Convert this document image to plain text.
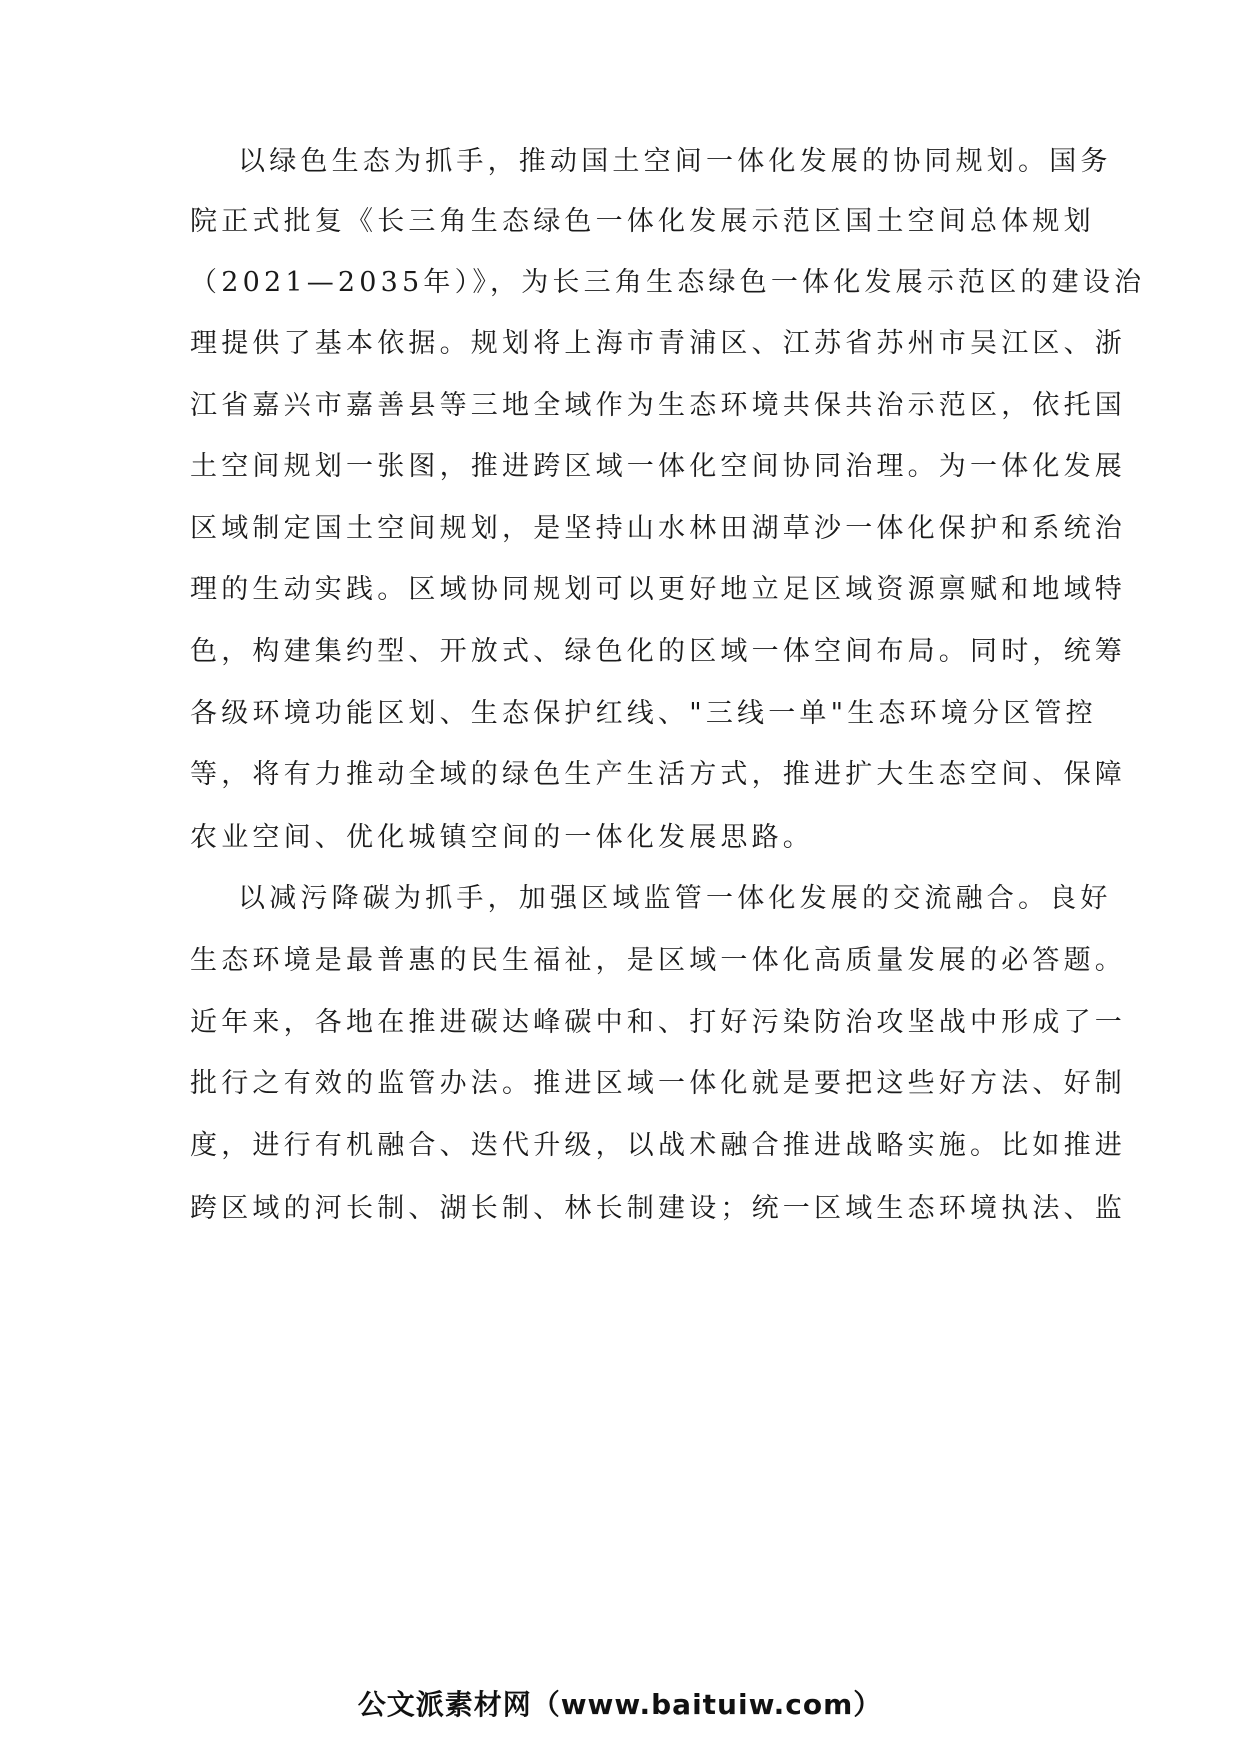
以绿色生态为抓手，推动国土空间一体化发展的协同规划。国务
院正式批复《长三角生态绿色一体化发展示范区国土空间总体规划
（2021—2035年）》，为长三角生态绿色一体化发展示范区的建设治
理提供了基本依据。规划将上海市青浦区、江苏省苏州市吴江区、浙
江省嘉兴市嘉善县等三地全域作为生态环境共保共治示范区，依托国
土空间规划一张图，推进跨区域一体化空间协同治理。为一体化发展
区域制定国土空间规划，是坚持山水林田湖草沙一体化保护和系统治
理的生动实践。区域协同规划可以更好地立足区域资源禀赋和地域特
色，构建集约型、开放式、绿色化的区域一体空间布局。同时，统筹
各级环境功能区划、生态保护红线、"三线一单"生态环境分区管控
等，将有力推动全域的绿色生产生活方式，推进扩大生态空间、保障
农业空间、优化城镇空间的一体化发展思路。
以减污降碳为抓手，加强区域监管一体化发展的交流融合。良好
生态环境是最普惠的民生福祉，是区域一体化高质量发展的必答题。
近年来，各地在推进碳达峰碳中和、打好污染防治攻坚战中形成了一
批行之有效的监管办法。推进区域一体化就是要把这些好方法、好制
度，进行有机融合、迭代升级，以战术融合推进战略实施。比如推进
跨区域的河长制、湖长制、林长制建设；统一区域生态环境执法、监
公文派素材网（www.baituiw.com）
